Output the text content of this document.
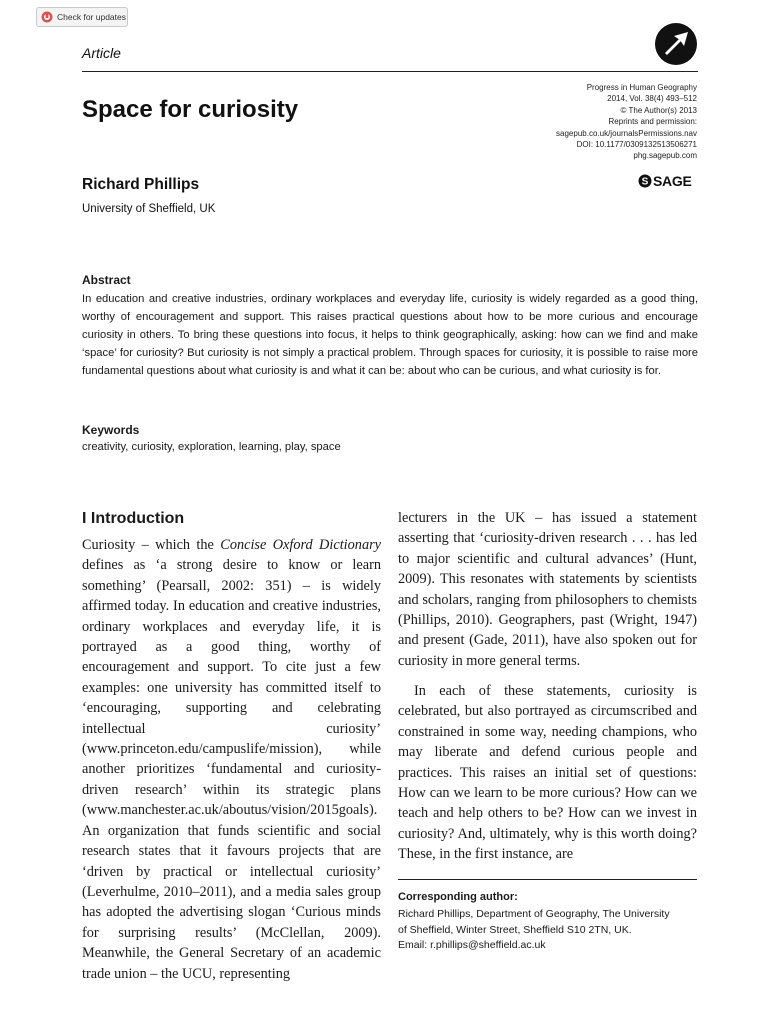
Check for updates
Article
Progress in Human Geography
2014, Vol. 38(4) 493–512
© The Author(s) 2013
Reprints and permission:
sagepub.co.uk/journalsPermissions.nav
DOI: 10.1177/0309132513506271
phg.sagepub.com
S SAGE
Space for curiosity
Richard Phillips
University of Sheffield, UK
Abstract

In education and creative industries, ordinary workplaces and everyday life, curiosity is widely regarded as a good thing, worthy of encouragement and support. This raises practical questions about how to be more curious and encourage curiosity in others. To bring these questions into focus, it helps to think geographically, asking: how can we find and make ‘space’ for curiosity? But curiosity is not simply a practical problem. Through spaces for curiosity, it is possible to raise more fundamental questions about what curiosity is and what it can be: about who can be curious, and what curiosity is for.

Keywords
creativity, curiosity, exploration, learning, play, space
I Introduction

Curiosity – which the Concise Oxford Dictionary defines as ‘a strong desire to know or learn something’ (Pearsall, 2002: 351) – is widely affirmed today. In education and creative industries, ordinary workplaces and everyday life, it is portrayed as a good thing, worthy of encouragement and support. To cite just a few examples: one university has committed itself to ‘encouraging, supporting and celebrating intellectual curiosity’ (www.princeton.edu/campuslife/mission), while another prioritizes ‘fundamental and curiosity-driven research’ within its strategic plans (www.manchester.ac.uk/aboutus/vision/2015goals). An organization that funds scientific and social research states that it favours projects that are ‘driven by practical or intellectual curiosity’ (Leverhulme, 2010–2011), and a media sales group has adopted the advertising slogan ‘Curious minds for surprising results’ (McClellan, 2009). Meanwhile, the General Secretary of an academic trade union – the UCU, representing

lecturers in the UK – has issued a statement asserting that ‘curiosity-driven research . . . has led to major scientific and cultural advances’ (Hunt, 2009). This resonates with statements by scientists and scholars, ranging from philosophers to chemists (Phillips, 2010). Geographers, past (Wright, 1947) and present (Gade, 2011), have also spoken out for curiosity in more general terms.

In each of these statements, curiosity is celebrated, but also portrayed as circumscribed and constrained in some way, needing champions, who may liberate and defend curious people and practices. This raises an initial set of questions: How can we learn to be more curious? How can we teach and help others to be? How can we invest in curiosity? And, ultimately, why is this worth doing? These, in the first instance, are

Corresponding author:
Richard Phillips, Department of Geography, The University
of Sheffield, Winter Street, Sheffield S10 2TN, UK.
Email: r.phillips@sheffield.ac.uk
